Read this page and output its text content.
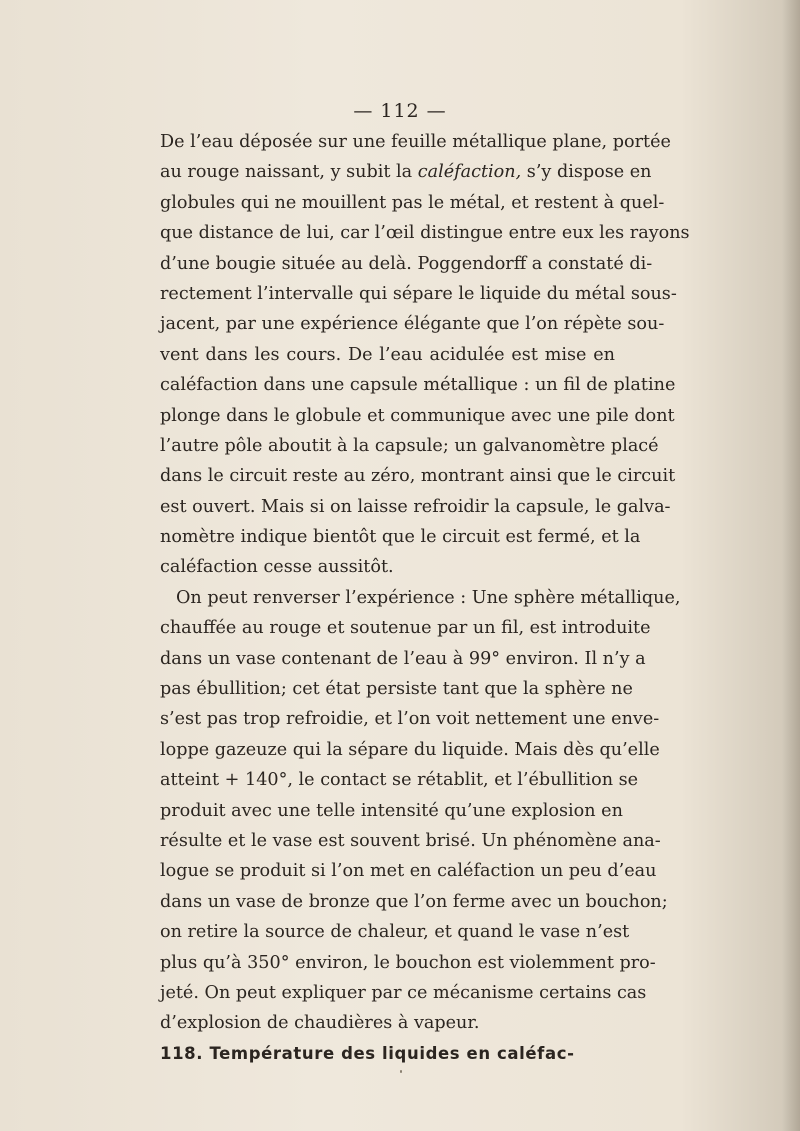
— 112 —
De l’eau déposée sur une feuille métallique plane, portée
au rouge naissant, y subit la caléfaction, s’y dispose en
globules qui ne mouillent pas le métal, et restent à quel-
que distance de lui, car l’œil distingue entre eux les rayons
d’une bougie située au delà. Poggendorff a constaté di-
rectement l’intervalle qui sépare le liquide du métal sous-
jacent, par une expérience élégante que l’on répète sou-
vent dans les cours. De l’eau acidulée est mise en
caléfaction dans une capsule métallique : un fil de platine
plonge dans le globule et communique avec une pile dont
l’autre pôle aboutit à la capsule; un galvanomètre placé
dans le circuit reste au zéro, montrant ainsi que le circuit
est ouvert. Mais si on laisse refroidir la capsule, le galva-
nomètre indique bientôt que le circuit est fermé, et la
caléfaction cesse aussitôt.
On peut renverser l’expérience : Une sphère métallique,
chauffée au rouge et soutenue par un fil, est introduite
dans un vase contenant de l’eau à 99° environ. Il n’y a
pas ébullition; cet état persiste tant que la sphère ne
s’est pas trop refroidie, et l’on voit nettement une enve-
loppe gazeuze qui la sépare du liquide. Mais dès qu’elle
atteint + 140°, le contact se rétablit, et l’ébullition se
produit avec une telle intensité qu’une explosion en
résulte et le vase est souvent brisé. Un phénomène ana-
logue se produit si l’on met en caléfaction un peu d’eau
dans un vase de bronze que l’on ferme avec un bouchon;
on retire la source de chaleur, et quand le vase n’est
plus qu’à 350° environ, le bouchon est violemment pro-
jeté. On peut expliquer par ce mécanisme certains cas
d’explosion de chaudières à vapeur.
118. Température des liquides en caléfac-
